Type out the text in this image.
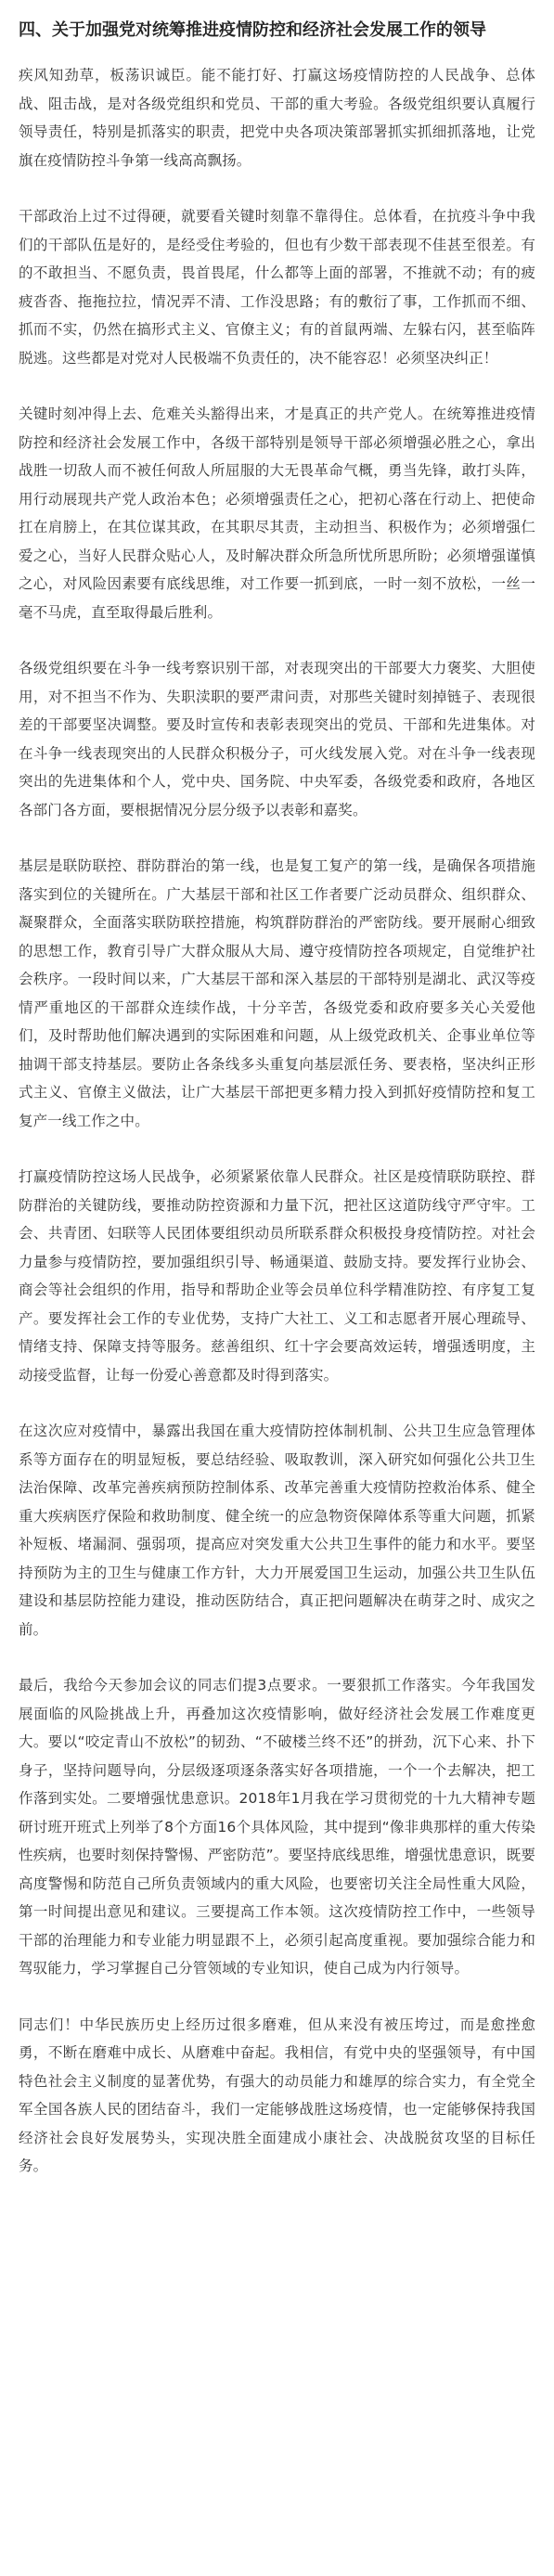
四、关于加强党对统筹推进疫情防控和经济社会发展工作的领导

疾风知劲草，板荡识诚臣。能不能打好、打赢这场疫情防控的人民战争、总体战、阻击战，是对各级党组织和党员、干部的重大考验。各级党组织要认真履行领导责任，特别是抓落实的职责，把党中央各项决策部署抓实抓细抓落地，让党旗在疫情防控斗争第一线高高飘扬。

干部政治上过不过得硬，就要看关键时刻靠不靠得住。总体看，在抗疫斗争中我们的干部队伍是好的，是经受住考验的，但也有少数干部表现不佳甚至很差。有的不敢担当、不愿负责，畏首畏尾，什么都等上面的部署，不推就不动；有的疲疲沓沓、拖拖拉拉，情况弄不清、工作没思路；有的敷衍了事，工作抓而不细、抓而不实，仍然在搞形式主义、官僚主义；有的首鼠两端、左躲右闪，甚至临阵脱逃。这些都是对党对人民极端不负责任的，决不能容忍！必须坚决纠正！

关键时刻冲得上去、危难关头豁得出来，才是真正的共产党人。在统筹推进疫情防控和经济社会发展工作中，各级干部特别是领导干部必须增强必胜之心，拿出战胜一切敌人而不被任何敌人所屈服的大无畏革命气概，勇当先锋，敢打头阵，用行动展现共产党人政治本色；必须增强责任之心，把初心落在行动上、把使命扛在肩膀上，在其位谋其政，在其职尽其责，主动担当、积极作为；必须增强仁爱之心，当好人民群众贴心人，及时解决群众所急所忧所思所盼；必须增强谨慎之心，对风险因素要有底线思维，对工作要一抓到底，一时一刻不放松，一丝一毫不马虎，直至取得最后胜利。

各级党组织要在斗争一线考察识别干部，对表现突出的干部要大力褒奖、大胆使用，对不担当不作为、失职渎职的要严肃问责，对那些关键时刻掉链子、表现很差的干部要坚决调整。要及时宣传和表彰表现突出的党员、干部和先进集体。对在斗争一线表现突出的人民群众积极分子，可火线发展入党。对在斗争一线表现突出的先进集体和个人，党中央、国务院、中央军委，各级党委和政府，各地区各部门各方面，要根据情况分层分级予以表彰和嘉奖。

基层是联防联控、群防群治的第一线，也是复工复产的第一线，是确保各项措施落实到位的关键所在。广大基层干部和社区工作者要广泛动员群众、组织群众、凝聚群众，全面落实联防联控措施，构筑群防群治的严密防线。要开展耐心细致的思想工作，教育引导广大群众服从大局、遵守疫情防控各项规定，自觉维护社会秩序。一段时间以来，广大基层干部和深入基层的干部特别是湖北、武汉等疫情严重地区的干部群众连续作战，十分辛苦，各级党委和政府要多关心关爱他们，及时帮助他们解决遇到的实际困难和问题，从上级党政机关、企事业单位等抽调干部支持基层。要防止各条线多头重复向基层派任务、要表格，坚决纠正形式主义、官僚主义做法，让广大基层干部把更多精力投入到抓好疫情防控和复工复产一线工作之中。

打赢疫情防控这场人民战争，必须紧紧依靠人民群众。社区是疫情联防联控、群防群治的关键防线，要推动防控资源和力量下沉，把社区这道防线守严守牢。工会、共青团、妇联等人民团体要组织动员所联系群众积极投身疫情防控。对社会力量参与疫情防控，要加强组织引导、畅通渠道、鼓励支持。要发挥行业协会、商会等社会组织的作用，指导和帮助企业等会员单位科学精准防控、有序复工复产。要发挥社会工作的专业优势，支持广大社工、义工和志愿者开展心理疏导、情绪支持、保障支持等服务。慈善组织、红十字会要高效运转，增强透明度，主动接受监督，让每一份爱心善意都及时得到落实。

在这次应对疫情中，暴露出我国在重大疫情防控体制机制、公共卫生应急管理体系等方面存在的明显短板，要总结经验、吸取教训，深入研究如何强化公共卫生法治保障、改革完善疾病预防控制体系、改革完善重大疫情防控救治体系、健全重大疾病医疗保险和救助制度、健全统一的应急物资保障体系等重大问题，抓紧补短板、堵漏洞、强弱项，提高应对突发重大公共卫生事件的能力和水平。要坚持预防为主的卫生与健康工作方针，大力开展爱国卫生运动，加强公共卫生队伍建设和基层防控能力建设，推动医防结合，真正把问题解决在萌芽之时、成灾之前。

最后，我给今天参加会议的同志们提3点要求。一要狠抓工作落实。今年我国发展面临的风险挑战上升，再叠加这次疫情影响，做好经济社会发展工作难度更大。要以“咬定青山不放松”的韧劲、“不破楼兰终不还”的拼劲，沉下心来、扑下身子，坚持问题导向，分层级逐项逐条落实好各项措施，一个一个去解决，把工作落到实处。二要增强忧患意识。2018年1月我在学习贯彻党的十九大精神专题研讨班开班式上列举了8个方面16个具体风险，其中提到“像非典那样的重大传染性疾病，也要时刻保持警惕、严密防范”。要坚持底线思维，增强忧患意识，既要高度警惕和防范自己所负责领域内的重大风险，也要密切关注全局性重大风险，第一时间提出意见和建议。三要提高工作本领。这次疫情防控工作中，一些领导干部的治理能力和专业能力明显跟不上，必须引起高度重视。要加强综合能力和驾驭能力，学习掌握自己分管领域的专业知识，使自己成为内行领导。

同志们！中华民族历史上经历过很多磨难，但从来没有被压垮过，而是愈挫愈勇，不断在磨难中成长、从磨难中奋起。我相信，有党中央的坚强领导，有中国特色社会主义制度的显著优势，有强大的动员能力和雄厚的综合实力，有全党全军全国各族人民的团结奋斗，我们一定能够战胜这场疫情，也一定能够保持我国经济社会良好发展势头，实现决胜全面建成小康社会、决战脱贫攻坚的目标任务。
